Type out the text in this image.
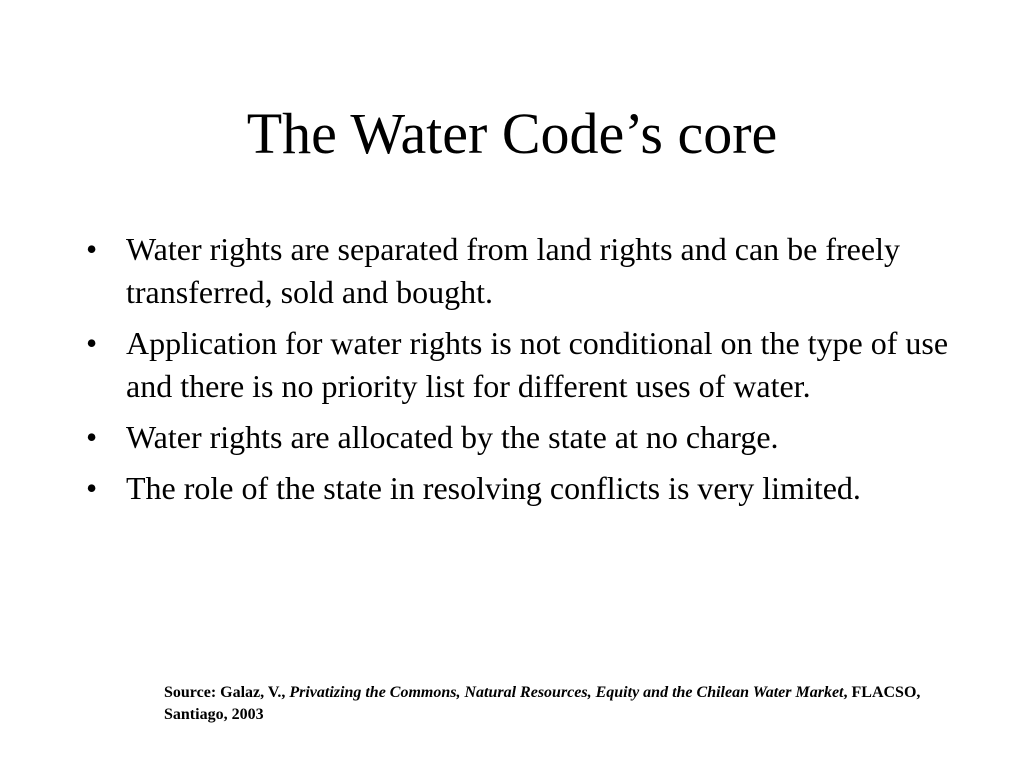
The Water Code’s core
• Water rights are separated from land rights and can be freely transferred, sold and bought.
• Application for water rights is not conditional on the type of use and there is no priority list for different uses of water.
• Water rights are allocated by the state at no charge.
• The role of the state in resolving conflicts is very limited.
Source: Galaz, V., Privatizing the Commons, Natural Resources, Equity and the Chilean Water Market, FLACSO, Santiago, 2003
